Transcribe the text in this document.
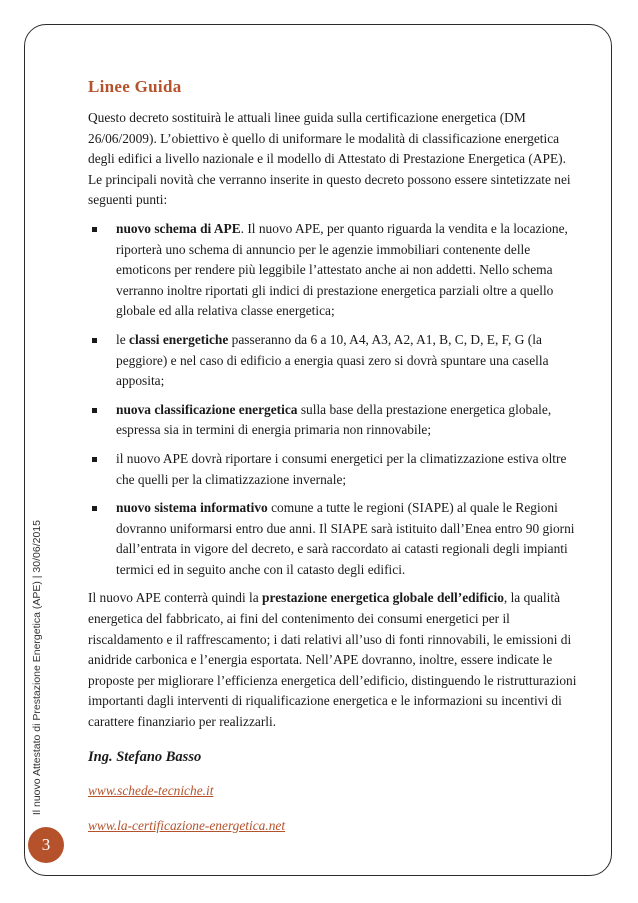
Il nuovo Attestato di Prestazione Energetica (APE) | 30/06/2015
3
Linee Guida

Questo decreto sostituirà le attuali linee guida sulla certificazione energetica (DM 26/06/2009). L’obiettivo è quello di uniformare le modalità di classificazione energetica degli edifici a livello nazionale e il modello di Attestato di Prestazione Energetica (APE). Le principali novità che verranno inserite in questo decreto possono essere sintetizzate nei seguenti punti:

nuovo schema di APE. Il nuovo APE, per quanto riguarda la vendita e la locazione, riporterà uno schema di annuncio per le agenzie immobiliari contenente delle emoticons per rendere più leggibile l’attestato anche ai non addetti. Nello schema verranno inoltre riportati gli indici di prestazione energetica parziali oltre a quello globale ed alla relativa classe energetica;
le classi energetiche passeranno da 6 a 10, A4, A3, A2, A1, B, C, D, E, F, G (la peggiore) e nel caso di edificio a energia quasi zero si dovrà spuntare una casella apposita;
nuova classificazione energetica sulla base della prestazione energetica globale, espressa sia in termini di energia primaria non rinnovabile;
il nuovo APE dovrà riportare i consumi energetici per la climatizzazione estiva oltre che quelli per la climatizzazione invernale;
nuovo sistema informativo comune a tutte le regioni (SIAPE) al quale le Regioni dovranno uniformarsi entro due anni. Il SIAPE sarà istituito dall’Enea entro 90 giorni dall’entrata in vigore del decreto, e sarà raccordato ai catasti regionali degli impianti termici ed in seguito anche con il catasto degli edifici.

Il nuovo APE conterrà quindi la prestazione energetica globale dell’edificio, la qualità energetica del fabbricato, ai fini del contenimento dei consumi energetici per il riscaldamento e il raffrescamento; i dati relativi all’uso di fonti rinnovabili, le emissioni di anidride carbonica e l’energia esportata. Nell’APE dovranno, inoltre, essere indicate le proposte per migliorare l’efficienza energetica dell’edificio, distinguendo le ristrutturazioni importanti dagli interventi di riqualificazione energetica e le informazioni su incentivi di carattere finanziario per realizzarli.

Ing. Stefano Basso
www.schede-tecniche.it
www.la-certificazione-energetica.net
